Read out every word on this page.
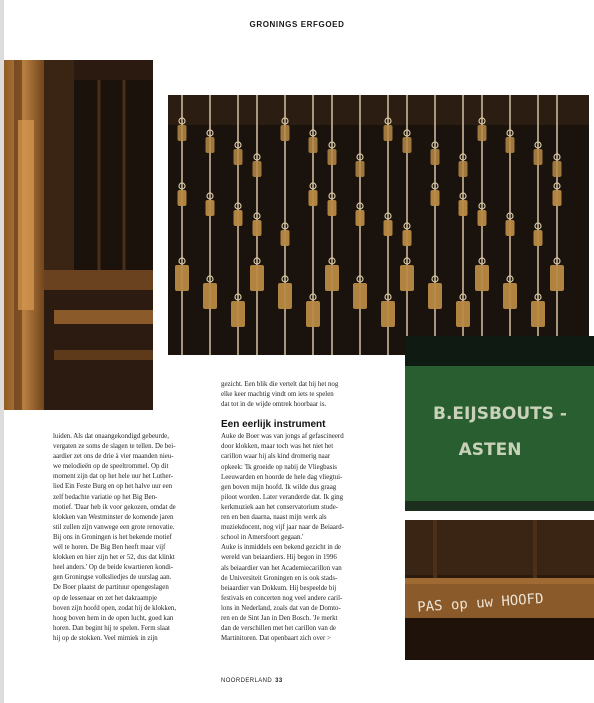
GRONINGS ERFGOED
B.EIJSBOUTS -
ASTEN
PAS op uw HOOFD

luiden. Als dat onaangekondigd gebeurde,

vergaten ze soms de slagen te tellen. De bei-

aardier zet ons de drie à vier maanden nieu-

we melodieën op de speeltrommel. Op dit

moment zijn dat op het hele uur het Luther-

lied Ein Feste Burg en op het halve uur een

zelf bedachte variatie op het Big Ben-

motief. 'Daar heb ik voor gekozen, omdat de

klokken van Westminster de komende jaren

stil zullen zijn vanwege een grote renovatie.

Bij ons in Groningen is het bekende motief

wél te horen. De Big Ben heeft maar vijf

klokken en hier zijn het er 52, dus dat klinkt

heel anders.' Op de beide kwartieren kondi-

gen Groningse volksliedjes de uurslag aan.

De Boer plaatst de partituur opengeslagen

op de lessenaar en zet het dakraampje

boven zijn hoofd open, zodat hij de klokken,

hoog boven hem in de open lucht, goed kan

horen. Dan begint hij te spelen. Ferm slaat

hij op de stokken. Veel mimiek in zijn

gezicht. Een blik die vertelt dat hij het nog

elke keer machtig vindt om iets te spelen

dat tot in de wijde omtrek hoorbaar is.

Een eerlijk instrument

Auke de Boer was van jongs af gefascineerd

door klokken, maar toch was het niet het

carillon waar hij als kind dromerig naar

opkeek: 'Ik groeide op nabij de Vliegbasis

Leeuwarden en hoorde de hele dag vliegtui-

gen boven mijn hoofd. Ik wilde dus graag

piloot worden. Later veranderde dat. Ik ging

kerkmuziek aan het conservatorium stude-

ren en ben daarna, naast mijn werk als

muziekdocent, nog vijf jaar naar de Beiaard-

school in Amersfoort gegaan.'

Auke is inmiddels een bekend gezicht in de

wereld van beiaardiers. Hij begon in 1996

als beiaardier van het Academiecarillon van

de Universiteit Groningen en is ook stads-

beiaardier van Dokkum. Hij bespeelde bij

festivals en concerten nog veel andere caril-

lons in Nederland, zoals dat van de Domto-

ren en de Sint Jan in Den Bosch. 'Je merkt

dan de verschillen met het carillon van de

Martinitoren. Dat openbaart zich over >

NOORDERLAND 33
